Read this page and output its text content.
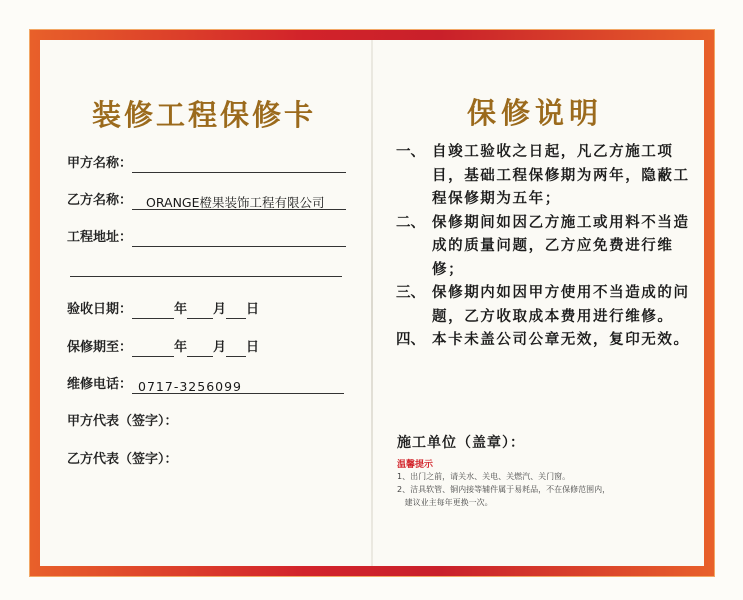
装修工程保修卡
甲方名称：
乙方名称： ORANGE橙果装饰工程有限公司
工程地址：
验收日期：	年 月 日
保修期至：	年 月 日
维修电话： 0717-3256099
甲方代表（签字）：
乙方代表（签字）：
保修说明
一、 自竣工验收之日起，凡乙方施工项目，基础工程保修期为两年，隐蔽工程保修期为五年；
二、 保修期间如因乙方施工或用料不当造成的质量问题，乙方应免费进行维修；
三、 保修期内如因甲方使用不当造成的问题，乙方收取成本费用进行维修。
四、 本卡未盖公司公章无效，复印无效。
施工单位（盖章）：
温馨提示
1、出门之前，请关水、关电、关燃汽、关门窗。
2、洁具软管、铜内接等辅件属于易耗品，不在保修范围内，
建议业主每年更换一次。
